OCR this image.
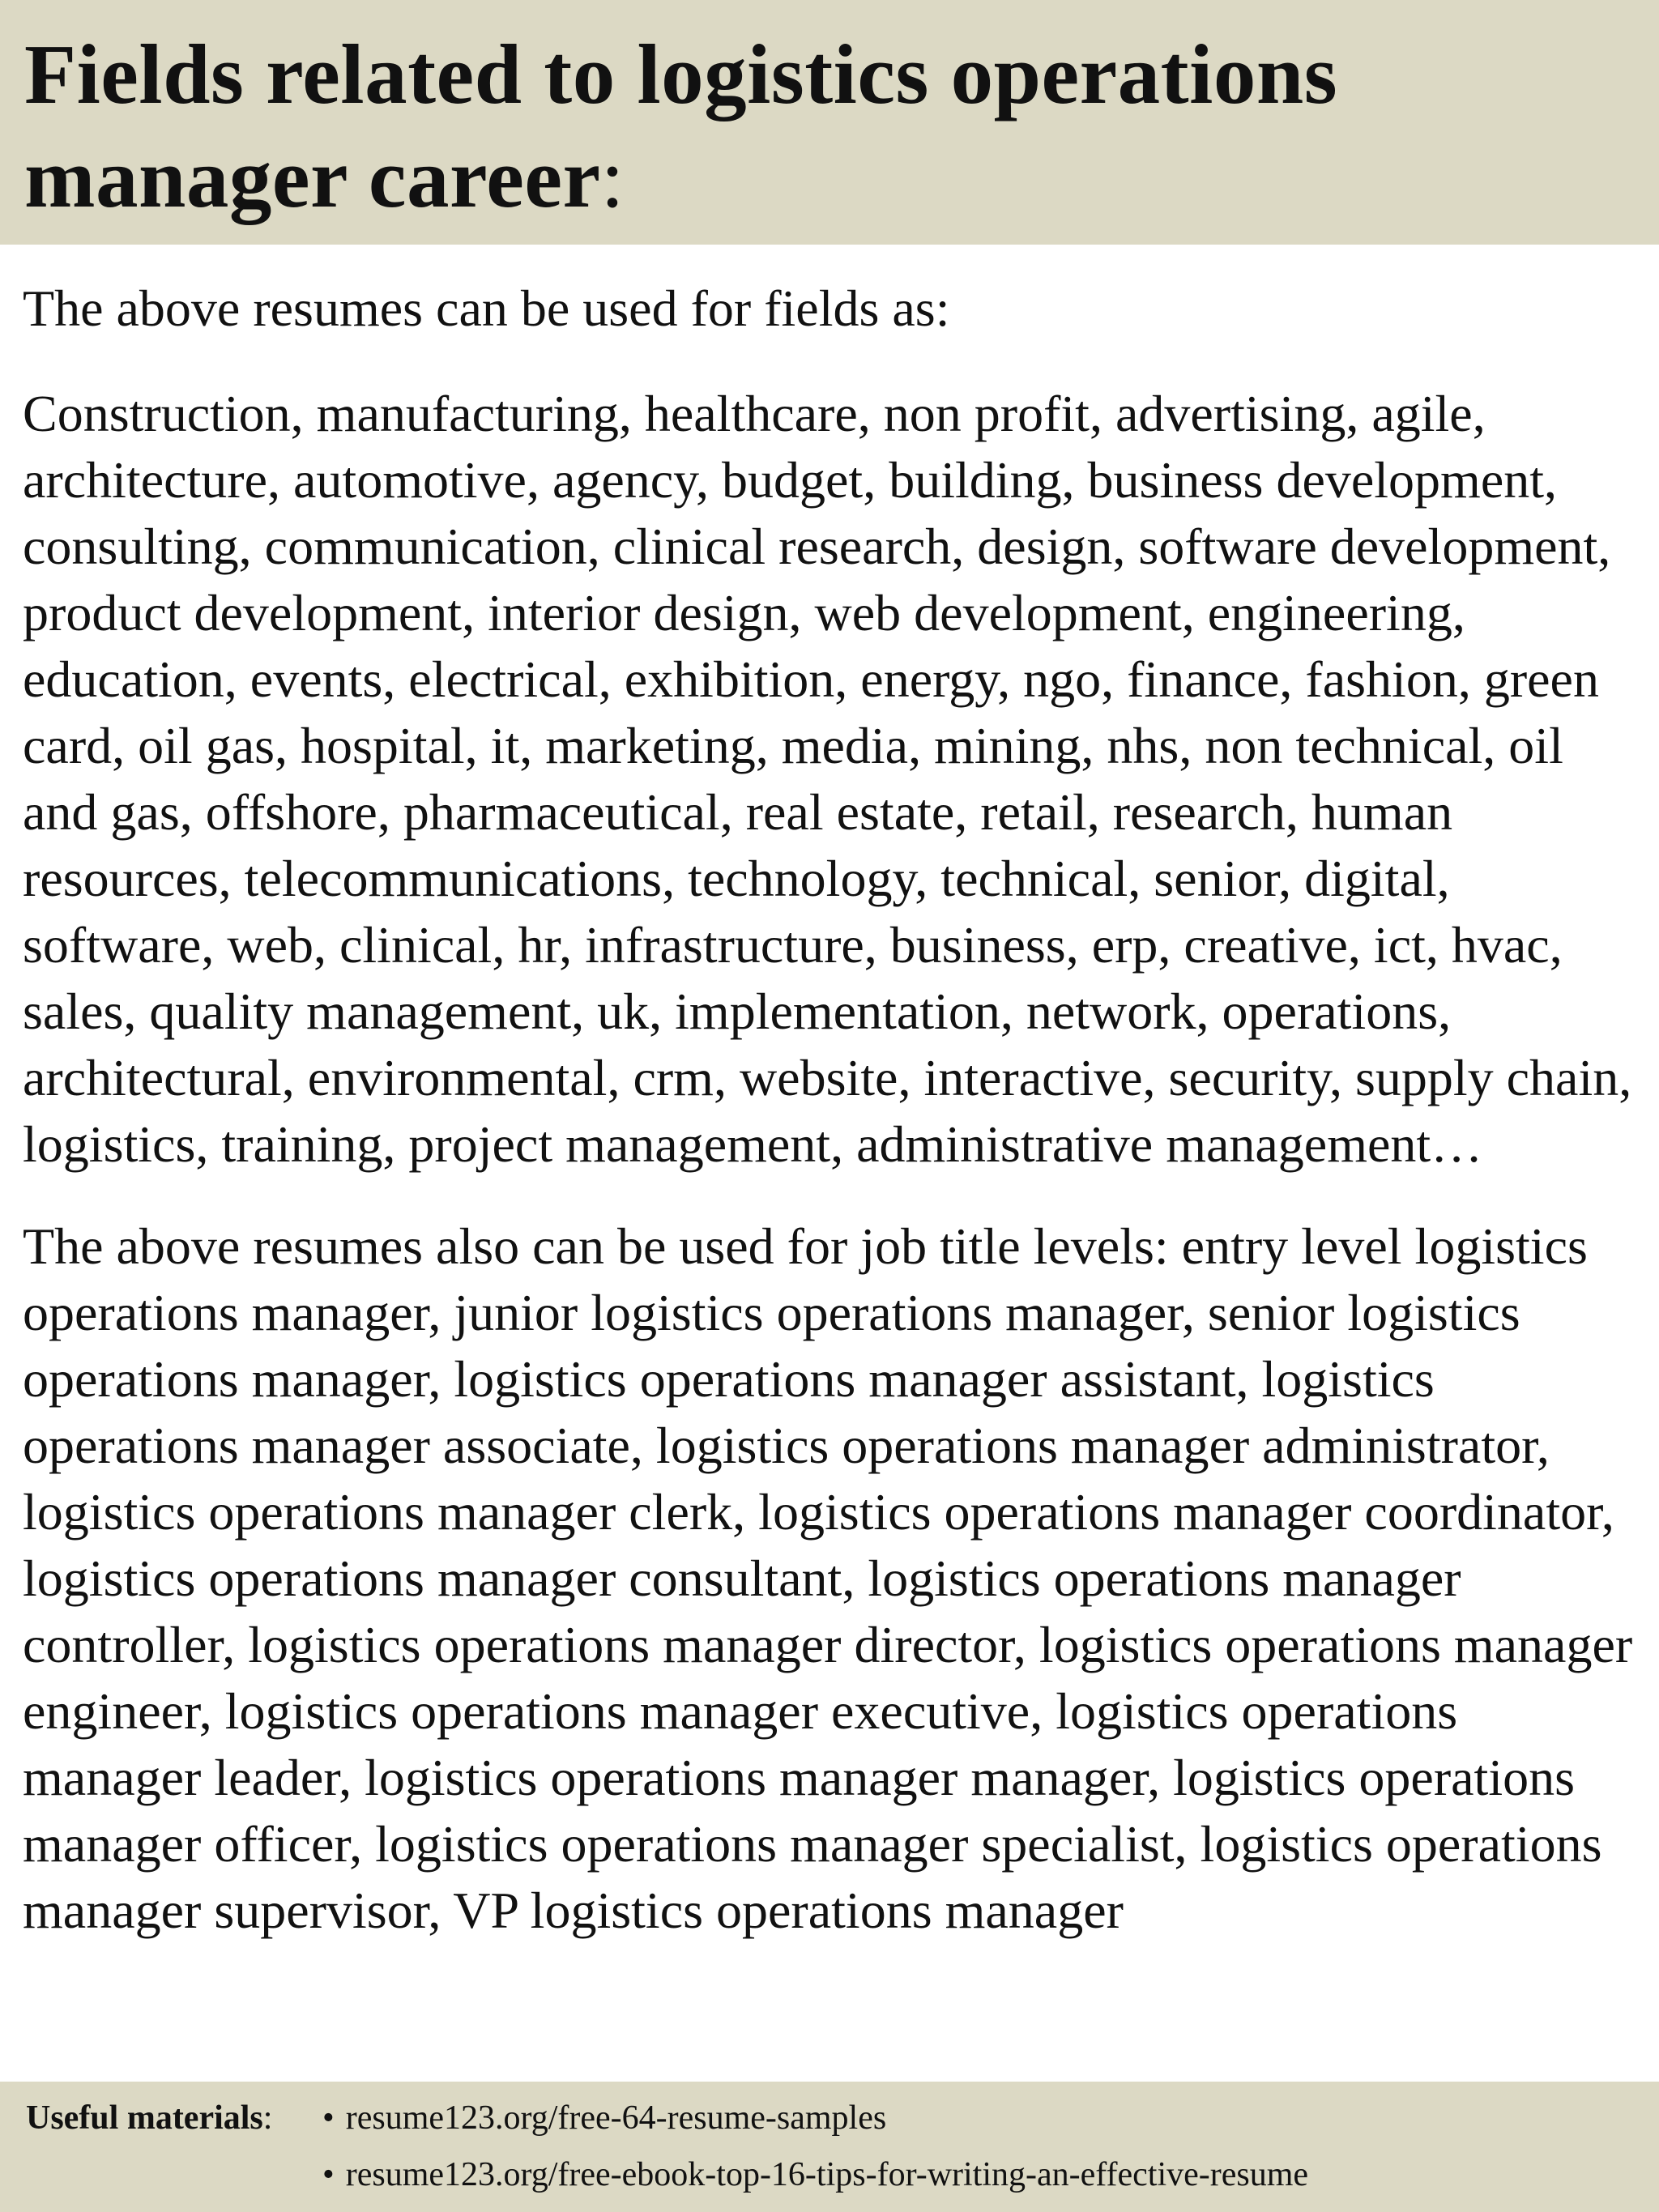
Fields related to logistics operations manager career:

The above resumes can be used for fields as:

Construction, manufacturing, healthcare, non profit, advertising, agile, architecture, automotive, agency, budget, building, business development, consulting, communication, clinical research, design, software development, product development, interior design, web development, engineering, education, events, electrical, exhibition, energy, ngo, finance, fashion, green card, oil gas, hospital, it, marketing, media, mining, nhs, non technical, oil and gas, offshore, pharmaceutical, real estate, retail, research, human resources, telecommunications, technology, technical, senior, digital, software, web, clinical, hr, infrastructure, business, erp, creative, ict, hvac, sales, quality management, uk, implementation, network, operations, architectural, environmental, crm, website, interactive, security, supply chain, logistics, training, project management, administrative management…

The above resumes also can be used for job title levels: entry level logistics operations manager, junior logistics operations manager, senior logistics operations manager, logistics operations manager assistant, logistics operations manager associate, logistics operations manager administrator, logistics operations manager clerk, logistics operations manager coordinator, logistics operations manager consultant, logistics operations manager controller, logistics operations manager director, logistics operations manager engineer, logistics operations manager executive, logistics operations manager leader, logistics operations manager manager, logistics operations manager officer, logistics operations manager specialist, logistics operations manager supervisor, VP logistics operations manager

Useful materials: • resume123.org/free-64-resume-samples
• resume123.org/free-ebook-top-16-tips-for-writing-an-effective-resume
